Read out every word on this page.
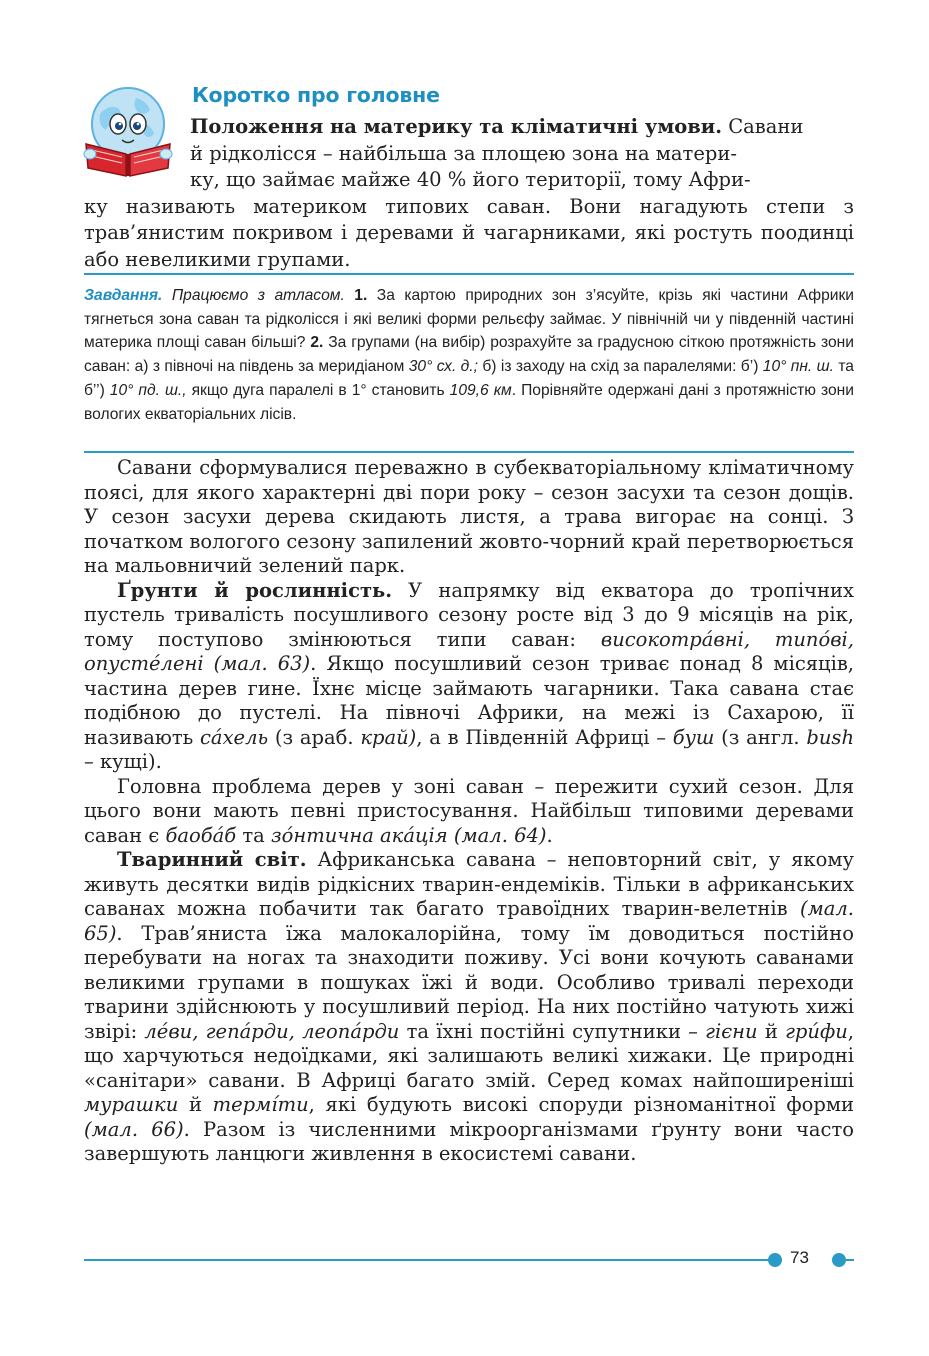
Коротко про головне
Положення на материку та кліматичні умови. Савани
й рідколісся – найбільша за площею зона на матери-
ку, що займає майже 40 % його території, тому Афри-
ку називають материком типових саван. Вони нагадують степи з трав’янистим покривом і деревами й чагарниками, які ростуть поодинці або невеликими групами.
Завдання. Працюємо з атласом. 1. За картою природних зон з’ясуйте, крізь які частини Африки тягнеться зона саван та рідколісся і які великі форми рельєфу займає. У північній чи у південній частині материка площі саван більші? 2. За групами (на вибір) розрахуйте за градусною сіткою протяжність зони саван: а) з півночі на південь за меридіаном 30° сх. д.; б) із заходу на схід за паралелями: б’) 10° пн. ш. та б’’) 10° пд. ш., якщо дуга паралелі в 1° становить 109,6 км. Порівняйте одержані дані з протяжністю зони вологих екваторіальних лісів.

Савани сформувалися переважно в субекваторіальному кліматичному поясі, для якого характерні дві пори року – сезон засухи та сезон дощів. У сезон засухи дерева скидають листя, а трава вигорає на сонці. З початком вологого сезону запилений жовто-чорний край перетворюється на мальовничий зелений парк.

Ґрунти й рослинність. У напрямку від екватора до тропічних пустель тривалість посушливого сезону росте від 3 до 9 місяців на рік, тому поступово змінюються типи саван: високотрáвні, типóві, опустéлені (мал. 63). Якщо посушливий сезон триває понад 8 місяців, частина дерев гине. Їхнє місце займають чагарники. Така савана стає подібною до пустелі. На півночі Африки, на межі із Сахарою, її називають сáхель (з араб. край), а в Південній Африці – буш (з англ. bush – кущі).

Головна проблема дерев у зоні саван – пережити сухий сезон. Для цього вони мають певні пристосування. Найбільш типовими деревами саван є баобáб та зóнтична акáція (мал. 64).

Тваринний світ. Африканська савана – неповторний світ, у якому живуть десятки видів рідкісних тварин-ендеміків. Тільки в африканських саванах можна побачити так багато травоїдних тварин-велетнів (мал. 65). Трав’яниста їжа малокалорійна, тому їм доводиться постійно перебувати на ногах та знаходити поживу. Усі вони кочують саванами великими групами в пошуках їжі й води. Особливо тривалі переходи тварини здійснюють у посушливий період. На них постійно чатують хижі звірі: лéви, гепáрди, леопáрди та їхні постійні супутники – гієни й грúфи, що харчуються недоїдками, які залишають великі хижаки. Це природні «санітари» савани. В Африці багато змій. Серед комах найпоширеніші мурашки й термíти, які будують високі споруди різноманітної форми (мал. 66). Разом із численними мікроорганізмами ґрунту вони часто завершують ланцюги живлення в екосистемі савани.

73
